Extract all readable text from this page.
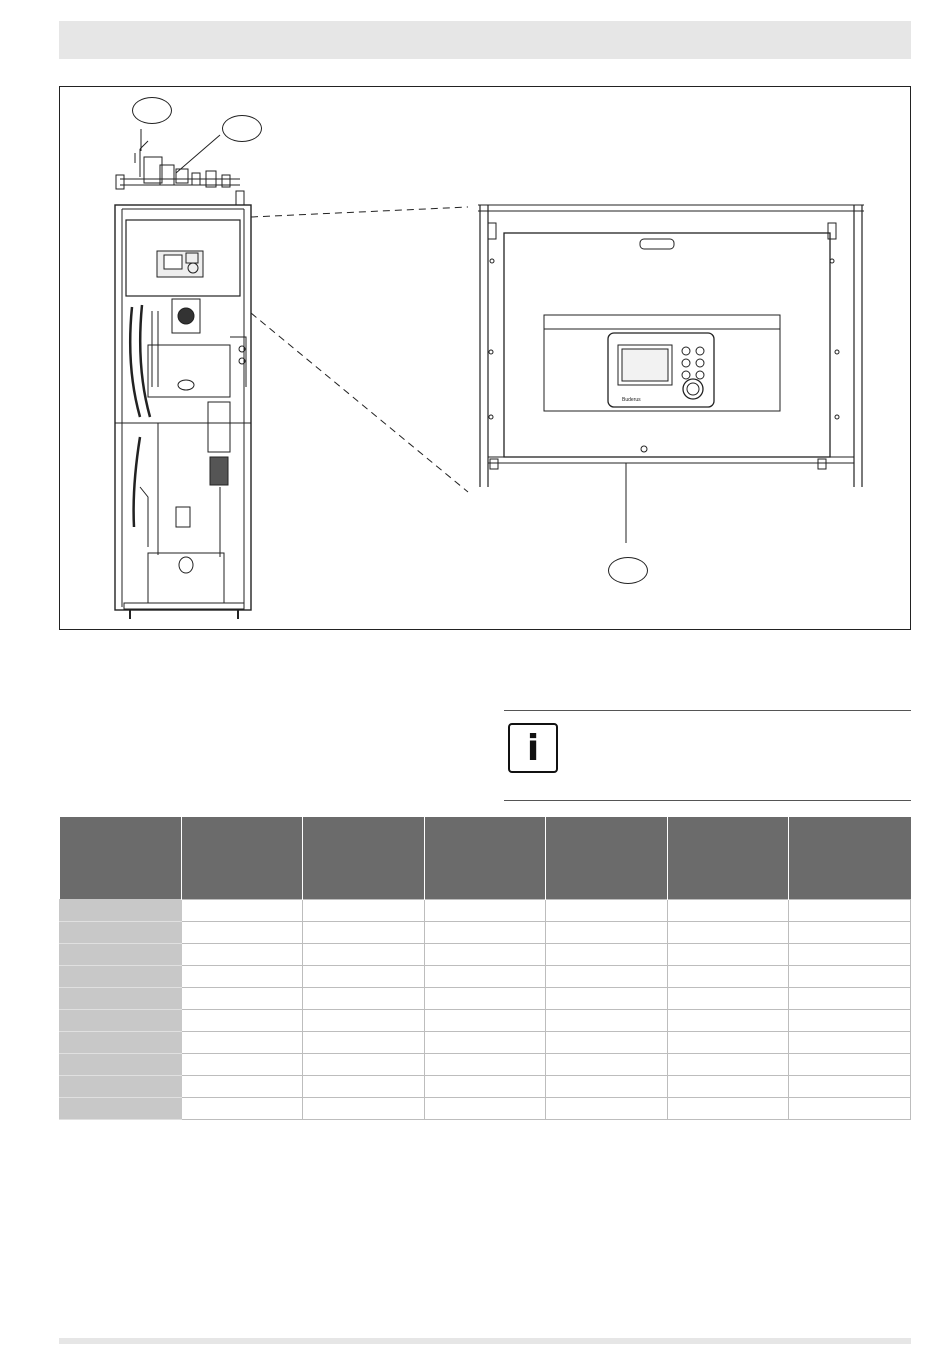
Buderus
i
